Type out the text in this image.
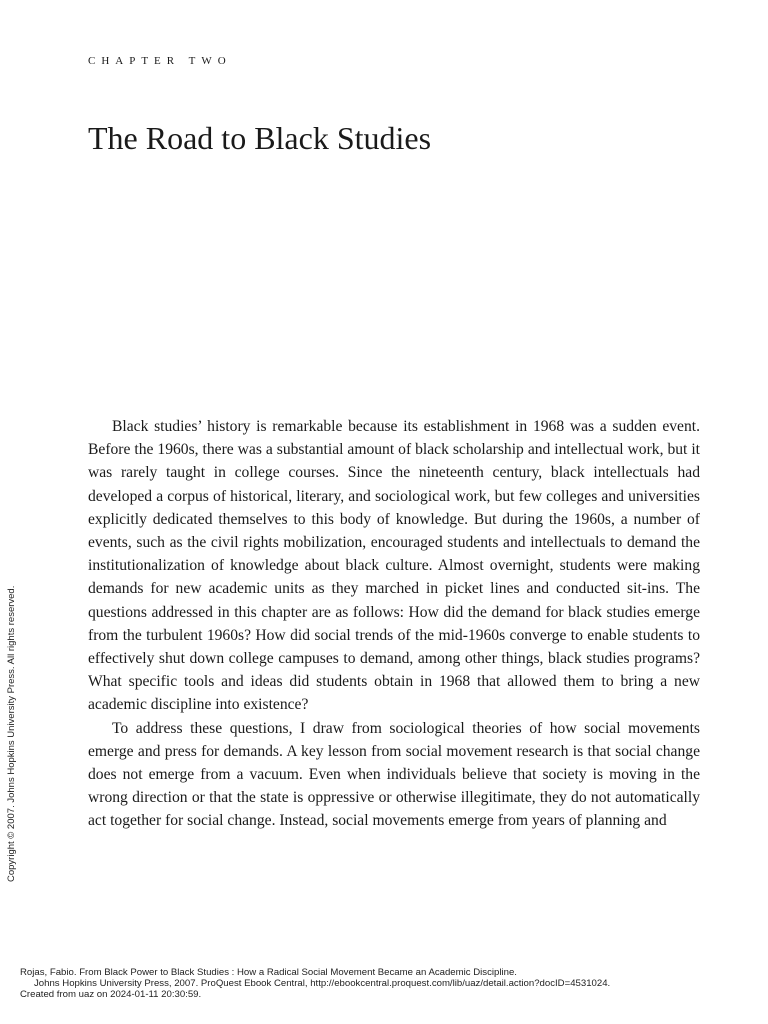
CHAPTER TWO
The Road to Black Studies

Black studies’ history is remarkable because its establishment in 1968 was a sudden event. Before the 1960s, there was a substantial amount of black scholarship and intellectual work, but it was rarely taught in college courses. Since the nineteenth century, black intellectuals had developed a corpus of historical, literary, and sociological work, but few colleges and universities explicitly dedicated themselves to this body of knowledge. But during the 1960s, a number of events, such as the civil rights mobilization, encouraged students and intellectuals to demand the institutionalization of knowledge about black culture. Almost overnight, students were making demands for new academic units as they marched in picket lines and conducted sit-ins. The questions addressed in this chapter are as follows: How did the demand for black studies emerge from the turbulent 1960s? How did social trends of the mid-1960s converge to enable students to effectively shut down college campuses to demand, among other things, black studies programs? What specific tools and ideas did students obtain in 1968 that allowed them to bring a new academic discipline into existence?

To address these questions, I draw from sociological theories of how social movements emerge and press for demands. A key lesson from social movement research is that social change does not emerge from a vacuum. Even when individuals believe that society is moving in the wrong direction or that the state is oppressive or otherwise illegitimate, they do not automatically act together for social change. Instead, social movements emerge from years of planning and

Copyright © 2007. Johns Hopkins University Press. All rights reserved.
Rojas, Fabio. From Black Power to Black Studies : How a Radical Social Movement Became an Academic Discipline.
Johns Hopkins University Press, 2007. ProQuest Ebook Central, http://ebookcentral.proquest.com/lib/uaz/detail.action?docID=4531024.
Created from uaz on 2024-01-11 20:30:59.
